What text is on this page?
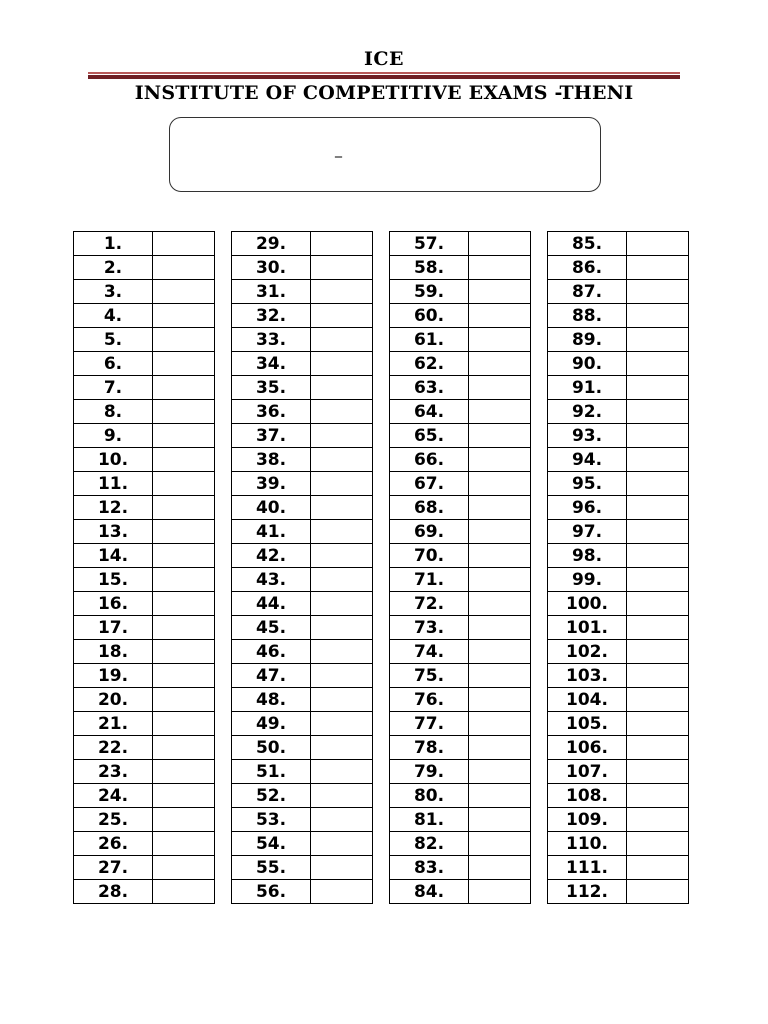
ICE
INSTITUTE OF COMPETITIVE EXAMS -THENI
_
1.	
2.	
3.	
4.	
5.	
6.	
7.	
8.	
9.	
10.	
11.	
12.	
13.	
14.	
15.	
16.	
17.	
18.	
19.	
20.	
21.	
22.	
23.	
24.	
25.	
26.	
27.	
28.	
29.	
30.	
31.	
32.	
33.	
34.	
35.	
36.	
37.	
38.	
39.	
40.	
41.	
42.	
43.	
44.	
45.	
46.	
47.	
48.	
49.	
50.	
51.	
52.	
53.	
54.	
55.	
56.	
57.	
58.	
59.	
60.	
61.	
62.	
63.	
64.	
65.	
66.	
67.	
68.	
69.	
70.	
71.	
72.	
73.	
74.	
75.	
76.	
77.	
78.	
79.	
80.	
81.	
82.	
83.	
84.	
85.	
86.	
87.	
88.	
89.	
90.	
91.	
92.	
93.	
94.	
95.	
96.	
97.	
98.	
99.	
100.	
101.	
102.	
103.	
104.	
105.	
106.	
107.	
108.	
109.	
110.	
111.	
112.	
